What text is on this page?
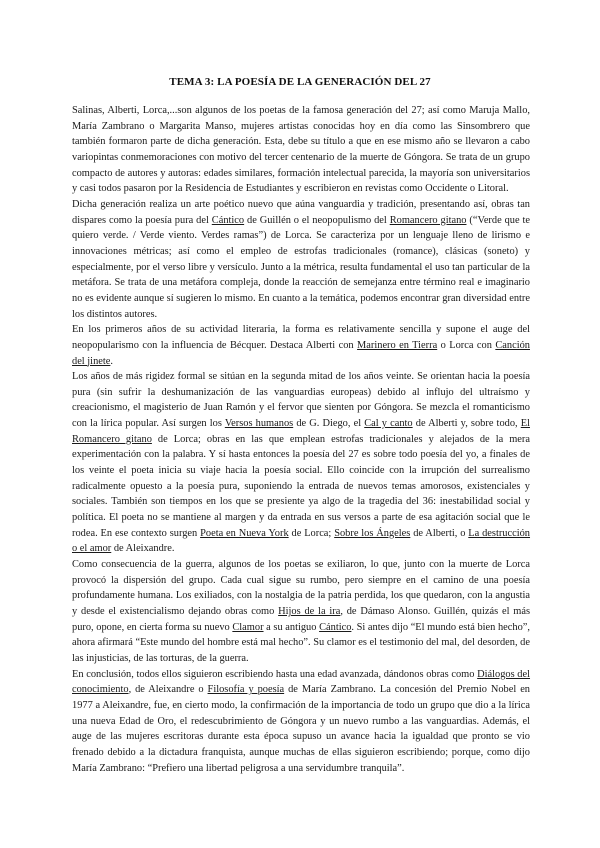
TEMA 3: LA POESÍA DE LA GENERACIÓN DEL 27

Salinas, Alberti, Lorca,...son algunos de los poetas de la famosa generación del 27; así como Maruja Mallo, María Zambrano o Margarita Manso, mujeres artistas conocidas hoy en día como las Sinsombrero que también formaron parte de dicha generación. Esta, debe su título a que en ese mismo año se llevaron a cabo variopintas conmemoraciones con motivo del tercer centenario de la muerte de Góngora. Se trata de un grupo compacto de autores y autoras: edades similares, formación intelectual parecida, la mayoría son universitarios y casi todos pasaron por la Residencia de Estudiantes y escribieron en revistas como Occidente o Litoral.

Dicha generación realiza un arte poético nuevo que aúna vanguardia y tradición, presentando así, obras tan dispares como la poesía pura del Cántico de Guillén o el neopopulismo del Romancero gitano (“Verde que te quiero verde. / Verde viento. Verdes ramas”) de Lorca. Se caracteriza por un lenguaje lleno de lirismo e innovaciones métricas; así como el empleo de estrofas tradicionales (romance), clásicas (soneto) y especialmente, por el verso libre y versículo. Junto a la métrica, resulta fundamental el uso tan particular de la metáfora. Se trata de una metáfora compleja, donde la reacción de semejanza entre término real e imaginario no es evidente aunque sí sugieren lo mismo. En cuanto a la temática, podemos encontrar gran diversidad entre los distintos autores.

En los primeros años de su actividad literaria, la forma es relativamente sencilla y supone el auge del neopopularismo con la influencia de Bécquer. Destaca Alberti con Marinero en Tierra o Lorca con Canción del jinete.

Los años de más rigidez formal se sitúan en la segunda mitad de los años veinte. Se orientan hacia la poesía pura (sin sufrir la deshumanización de las vanguardias europeas) debido al influjo del ultraísmo y creacionismo, el magisterio de Juan Ramón y el fervor que sienten por Góngora. Se mezcla el romanticismo con la lírica popular. Así surgen los Versos humanos de G. Diego, el Cal y canto de Alberti y, sobre todo, El Romancero gitano de Lorca; obras en las que emplean estrofas tradicionales y alejados de la mera experimentación con la palabra. Y sí hasta entonces la poesía del 27 es sobre todo poesía del yo, a finales de los veinte el poeta inicia su viaje hacia la poesía social. Ello coincide con la irrupción del surrealismo radicalmente opuesto a la poesía pura, suponiendo la entrada de nuevos temas amorosos, existenciales y sociales. También son tiempos en los que se presiente ya algo de la tragedia del 36: inestabilidad social y política. El poeta no se mantiene al margen y da entrada en sus versos a parte de esa agitación social que le rodea. En ese contexto surgen Poeta en Nueva York de Lorca; Sobre los Ángeles de Alberti, o La destrucción o el amor de Aleixandre.

Como consecuencia de la guerra, algunos de los poetas se exiliaron, lo que, junto con la muerte de Lorca provocó la dispersión del grupo. Cada cual sigue su rumbo, pero siempre en el camino de una poesía profundamente humana. Los exiliados, con la nostalgia de la patria perdida, los que quedaron, con la angustia y desde el existencialismo dejando obras como Hijos de la ira, de Dámaso Alonso. Guillén, quizás el más puro, opone, en cierta forma su nuevo Clamor a su antiguo Cántico. Si antes dijo “El mundo está bien hecho”, ahora afirmará “Este mundo del hombre está mal hecho”. Su clamor es el testimonio del mal, del desorden, de las injusticias, de las torturas, de la guerra.

En conclusión, todos ellos siguieron escribiendo hasta una edad avanzada, dándonos obras como Diálogos del conocimiento, de Aleixandre o Filosofía y poesía de María Zambrano. La concesión del Premio Nobel en 1977 a Aleixandre, fue, en cierto modo, la confirmación de la importancia de todo un grupo que dio a la lírica una nueva Edad de Oro, el redescubrimiento de Góngora y un nuevo rumbo a las vanguardias. Además, el auge de las mujeres escritoras durante esta época supuso un avance hacia la igualdad que pronto se vio frenado debido a la dictadura franquista, aunque muchas de ellas siguieron escribiendo; porque, como dijo María Zambrano: “Prefiero una libertad peligrosa a una servidumbre tranquila”.
